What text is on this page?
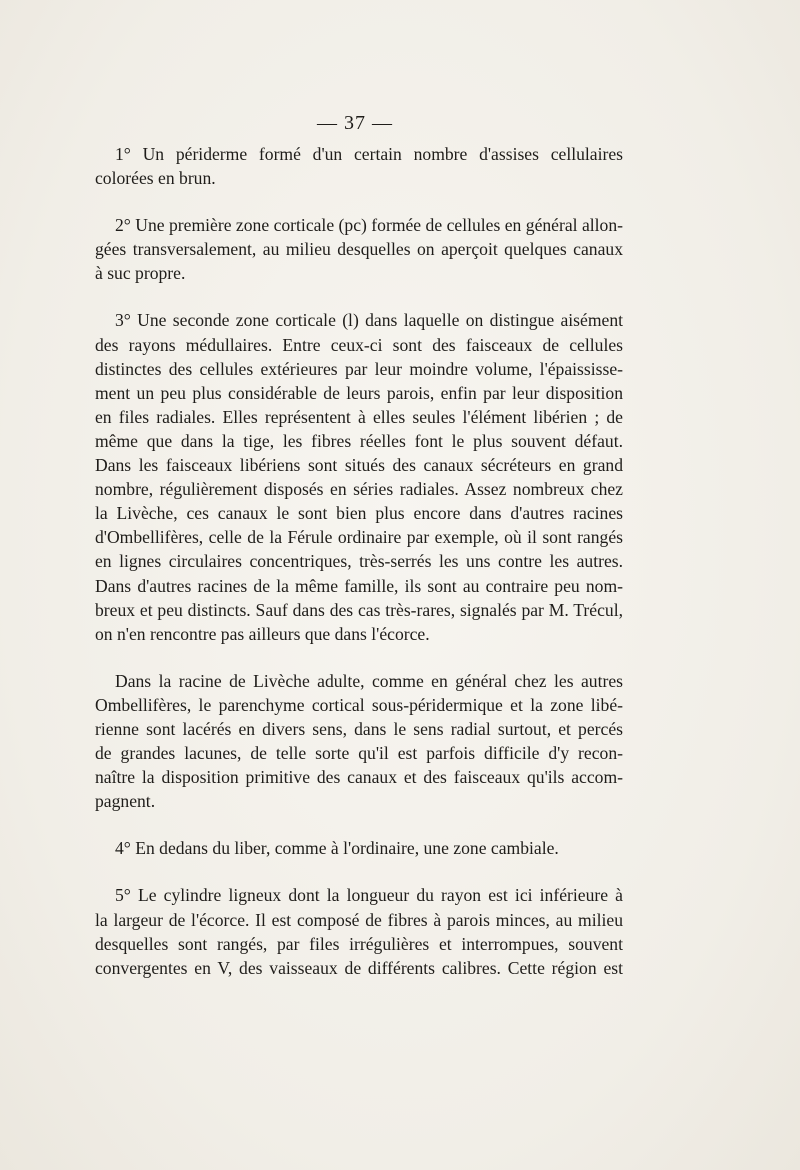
— 37 —
1° Un périderme formé d'un certain nombre d'assises cellulaires
colorées en brun.
2° Une première zone corticale (pc) formée de cellules en général allon-
gées transversalement, au milieu desquelles on aperçoit quelques canaux
à suc propre.
3° Une seconde zone corticale (l) dans laquelle on distingue aisément
des rayons médullaires. Entre ceux-ci sont des faisceaux de cellules
distinctes des cellules extérieures par leur moindre volume, l'épaississe-
ment un peu plus considérable de leurs parois, enfin par leur disposition
en files radiales. Elles représentent à elles seules l'élément libérien ; de
même que dans la tige, les fibres réelles font le plus souvent défaut.
Dans les faisceaux libériens sont situés des canaux sécréteurs en grand
nombre, régulièrement disposés en séries radiales. Assez nombreux chez
la Livèche, ces canaux le sont bien plus encore dans d'autres racines
d'Ombellifères, celle de la Férule ordinaire par exemple, où il sont rangés
en lignes circulaires concentriques, très-serrés les uns contre les autres.
Dans d'autres racines de la même famille, ils sont au contraire peu nom-
breux et peu distincts. Sauf dans des cas très-rares, signalés par M. Trécul,
on n'en rencontre pas ailleurs que dans l'écorce.
Dans la racine de Livèche adulte, comme en général chez les autres
Ombellifères, le parenchyme cortical sous-péridermique et la zone libé-
rienne sont lacérés en divers sens, dans le sens radial surtout, et percés
de grandes lacunes, de telle sorte qu'il est parfois difficile d'y recon-
naître la disposition primitive des canaux et des faisceaux qu'ils accom-
pagnent.
4° En dedans du liber, comme à l'ordinaire, une zone cambiale.
5° Le cylindre ligneux dont la longueur du rayon est ici inférieure à
la largeur de l'écorce. Il est composé de fibres à parois minces, au milieu
desquelles sont rangés, par files irrégulières et interrompues, souvent
convergentes en V, des vaisseaux de différents calibres. Cette région est
